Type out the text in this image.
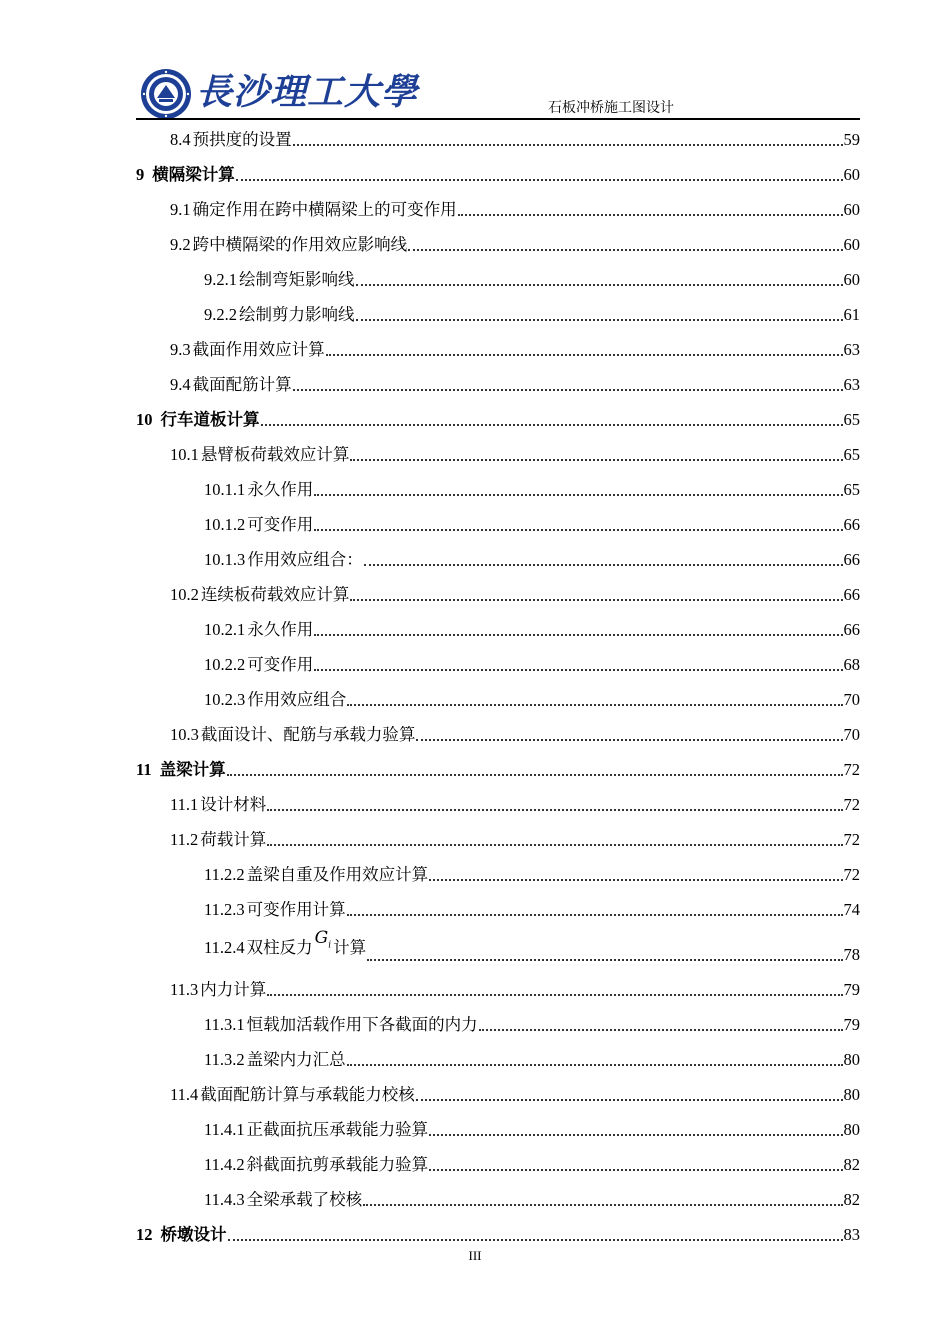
長沙理工大學	石板冲桥施工图设计
8.4 预拱度的设置	59
9 横隔梁计算	60
9.1 确定作用在跨中横隔梁上的可变作用	60
9.2 跨中横隔梁的作用效应影响线	60
9.2.1 绘制弯矩影响线	60
9.2.2 绘制剪力影响线	61
9.3 截面作用效应计算	63
9.4 截面配筋计算	63
10 行车道板计算	65
10.1 悬臂板荷载效应计算	65
10.1.1 永久作用	65
10.1.2 可变作用	66
10.1.3 作用效应组合：	66
10.2 连续板荷载效应计算	66
10.2.1 永久作用	66
10.2.2 可变作用	68
10.2.3 作用效应组合	70
10.3 截面设计、配筋与承载力验算	70
11 盖梁计算	72
11.1 设计材料	72
11.2 荷载计算	72
11.2.2 盖梁自重及作用效应计算	72
11.2.3 可变作用计算	74
11.2.4 双柱反力 $G_i$ 计算	78
11.3 内力计算	79
11.3.1 恒载加活载作用下各截面的内力	79
11.3.2 盖梁内力汇总	80
11.4 截面配筋计算与承载能力校核	80
11.4.1 正截面抗压承载能力验算	80
11.4.2 斜截面抗剪承载能力验算	82
11.4.3 全梁承载了校核	82
12 桥墩设计	83
III
